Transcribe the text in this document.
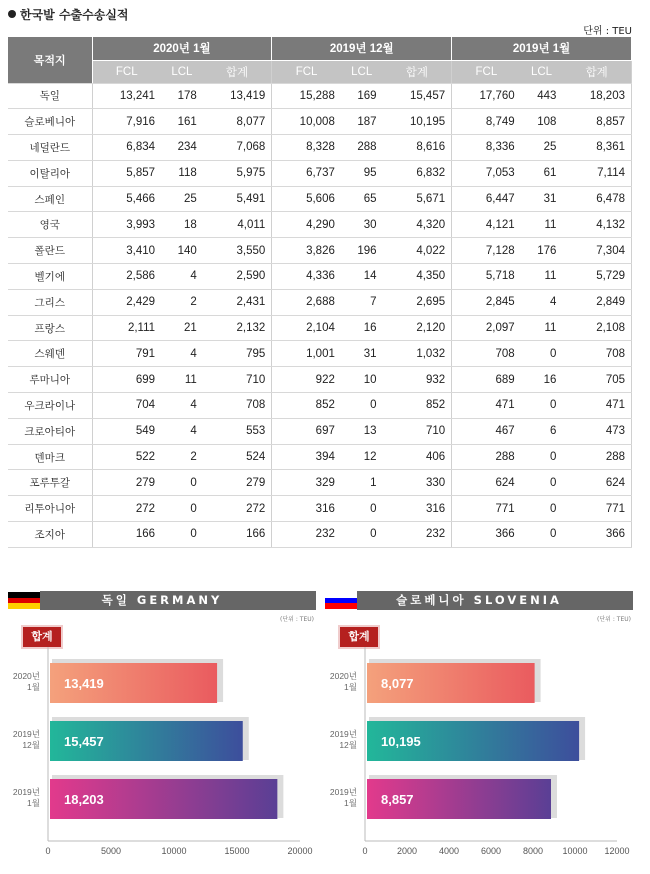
한국발 수출수송실적
단위 : TEU
목적지	2020년 1월			2019년 12월			2019년 1월		
	FCL	LCL	합계	FCL	LCL	합계	FCL	LCL	합계
독일	13,241	178	13,419	15,288	169	15,457	17,760	443	18,203
슬로베니아	7,916	161	8,077	10,008	187	10,195	8,749	108	8,857
네덜란드	6,834	234	7,068	8,328	288	8,616	8,336	25	8,361
이탈리아	5,857	118	5,975	6,737	95	6,832	7,053	61	7,114
스페인	5,466	25	5,491	5,606	65	5,671	6,447	31	6,478
영국	3,993	18	4,011	4,290	30	4,320	4,121	11	4,132
폴란드	3,410	140	3,550	3,826	196	4,022	7,128	176	7,304
벨기에	2,586	4	2,590	4,336	14	4,350	5,718	11	5,729
그리스	2,429	2	2,431	2,688	7	2,695	2,845	4	2,849
프랑스	2,111	21	2,132	2,104	16	2,120	2,097	11	2,108
스웨덴	791	4	795	1,001	31	1,032	708	0	708
루마니아	699	11	710	922	10	932	689	16	705
우크라이나	704	4	708	852	0	852	471	0	471
크로아티아	549	4	553	697	13	710	467	6	473
덴마크	522	2	524	394	12	406	288	0	288
포루투갈	279	0	279	329	1	330	624	0	624
리투아니아	272	0	272	316	0	316	771	0	771
조지아	166	0	166	232	0	232	366	0	366
독일 GERMANY
(단위 : TEU)
합계
0	5000	10000	15000	20000
13,419
2020년
1월
15,457
2019년
12월
18,203
2019년
1월
슬로베니아 SLOVENIA
(단위 : TEU)
합계
0	2000 4000 6000 8000 10000 12000
8,077
2020년
1월
10,195
2019년
12월
8,857
2019년
1월
